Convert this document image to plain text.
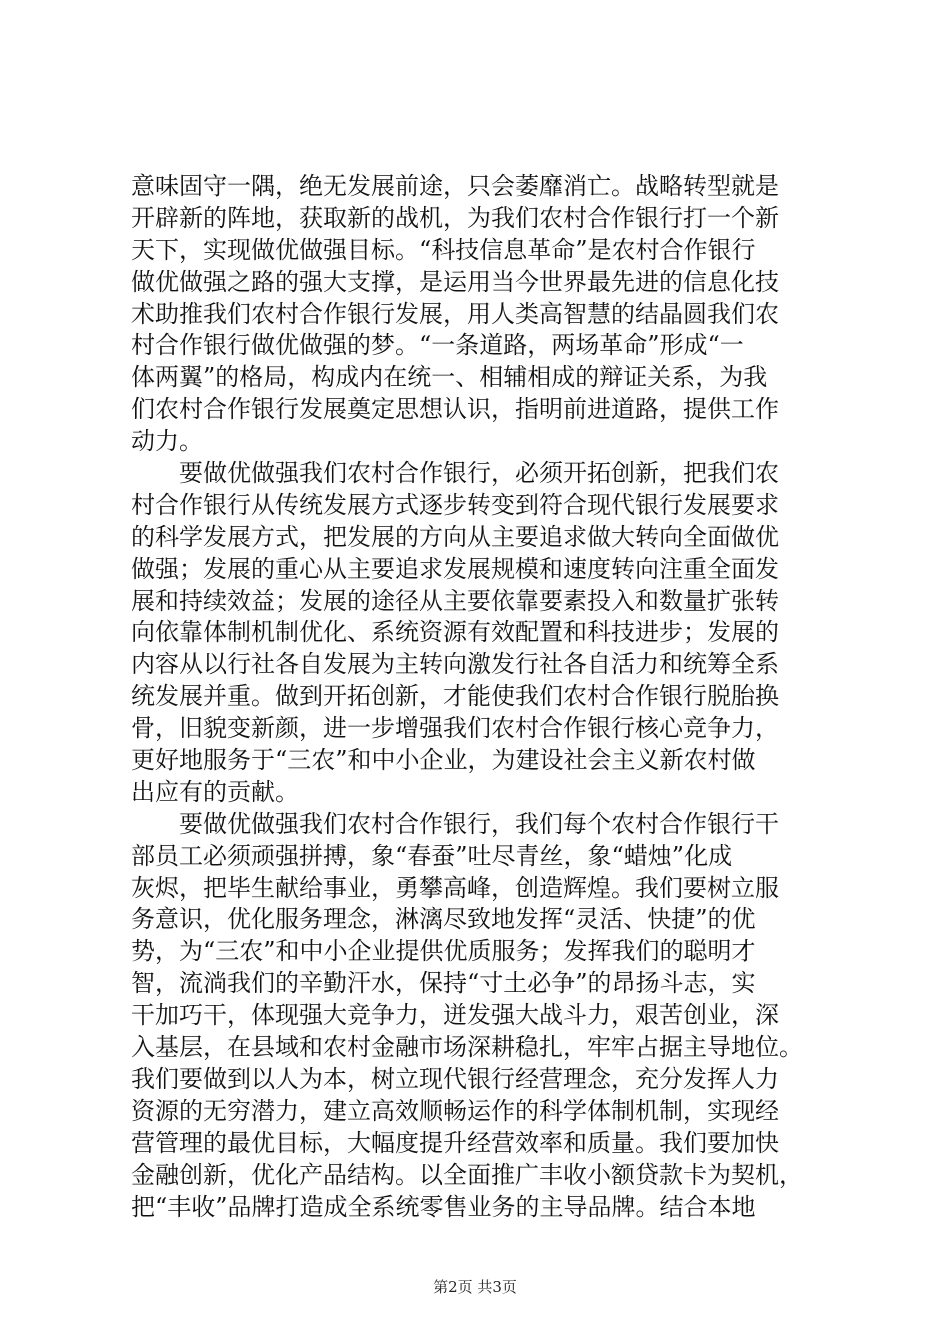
意味固守一隅，绝无发展前途，只会萎靡消亡。战略转型就是
开辟新的阵地，获取新的战机，为我们农村合作银行打一个新
天下，实现做优做强目标。“科技信息革命”是农村合作银行
做优做强之路的强大支撑，是运用当今世界最先进的信息化技
术助推我们农村合作银行发展，用人类高智慧的结晶圆我们农
村合作银行做优做强的梦。“一条道路，两场革命”形成“一
体两翼”的格局，构成内在统一、相辅相成的辩证关系，为我
们农村合作银行发展奠定思想认识，指明前进道路，提供工作
动力。
　　要做优做强我们农村合作银行，必须开拓创新，把我们农
村合作银行从传统发展方式逐步转变到符合现代银行发展要求
的科学发展方式，把发展的方向从主要追求做大转向全面做优
做强；发展的重心从主要追求发展规模和速度转向注重全面发
展和持续效益；发展的途径从主要依靠要素投入和数量扩张转
向依靠体制机制优化、系统资源有效配置和科技进步；发展的
内容从以行社各自发展为主转向激发行社各自活力和统筹全系
统发展并重。做到开拓创新，才能使我们农村合作银行脱胎换
骨，旧貌变新颜，进一步增强我们农村合作银行核心竞争力，
更好地服务于“三农”和中小企业，为建设社会主义新农村做
出应有的贡献。
　　要做优做强我们农村合作银行，我们每个农村合作银行干
部员工必须顽强拼搏，象“春蚕”吐尽青丝，象“蜡烛”化成
灰烬，把毕生献给事业，勇攀高峰，创造辉煌。我们要树立服
务意识，优化服务理念，淋漓尽致地发挥“灵活、快捷”的优
势，为“三农”和中小企业提供优质服务；发挥我们的聪明才
智，流淌我们的辛勤汗水，保持“寸土必争”的昂扬斗志，实
干加巧干，体现强大竞争力，迸发强大战斗力，艰苦创业，深
入基层，在县域和农村金融市场深耕稳扎，牢牢占据主导地位。
我们要做到以人为本，树立现代银行经营理念，充分发挥人力
资源的无穷潜力，建立高效顺畅运作的科学体制机制，实现经
营管理的最优目标，大幅度提升经营效率和质量。我们要加快
金融创新，优化产品结构。以全面推广丰收小额贷款卡为契机，
把“丰收”品牌打造成全系统零售业务的主导品牌。结合本地
第2页 共3页
